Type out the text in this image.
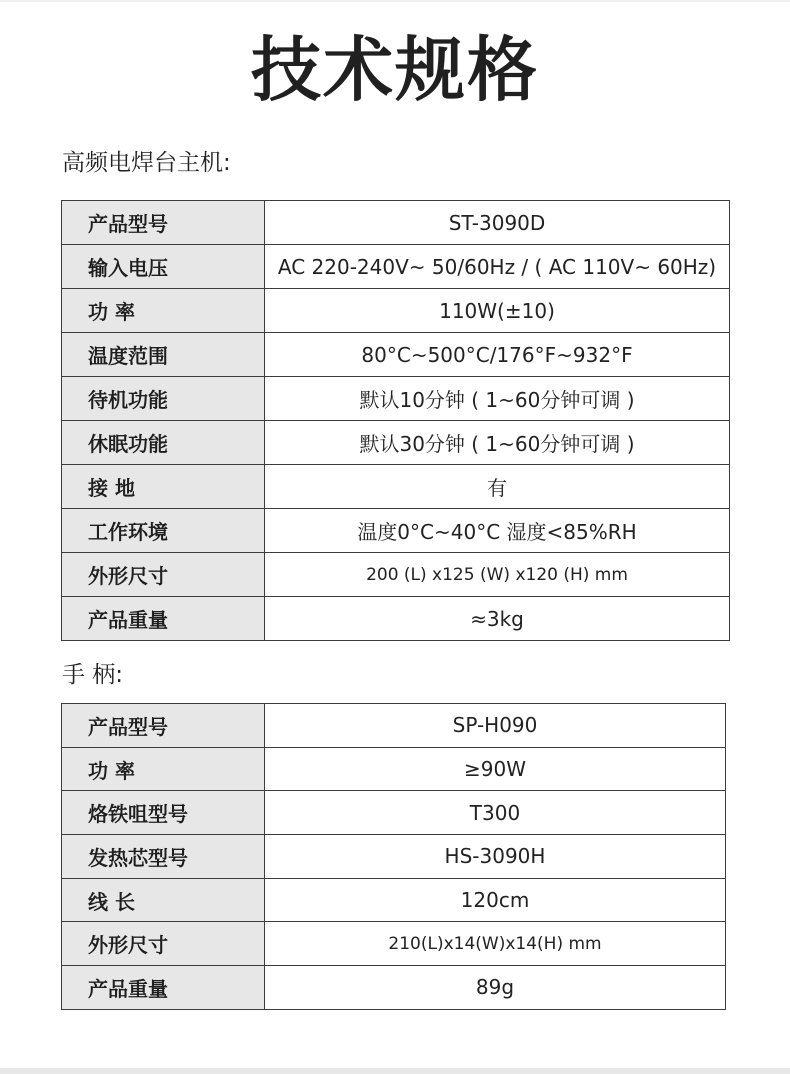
技术规格
高频电焊台主机:
产品型号	ST-3090D
输入电压	AC 220-240V~ 50/60Hz / ( AC 110V~ 60Hz)
功 率	110W(±10)
温度范围	80°C~500°C/176°F~932°F
待机功能	默认10分钟 ( 1~60分钟可调 )
休眠功能	默认30分钟 ( 1~60分钟可调 )
接 地	有
工作环境	温度0°C~40°C 湿度<85%RH
外形尺寸	200 (L) x125 (W) x120 (H) mm
产品重量	≈3kg
手 柄:
产品型号	SP-H090
功 率	≥90W
烙铁咀型号	T300
发热芯型号	HS-3090H
线 长	120cm
外形尺寸	210(L)x14(W)x14(H) mm
产品重量	89g
